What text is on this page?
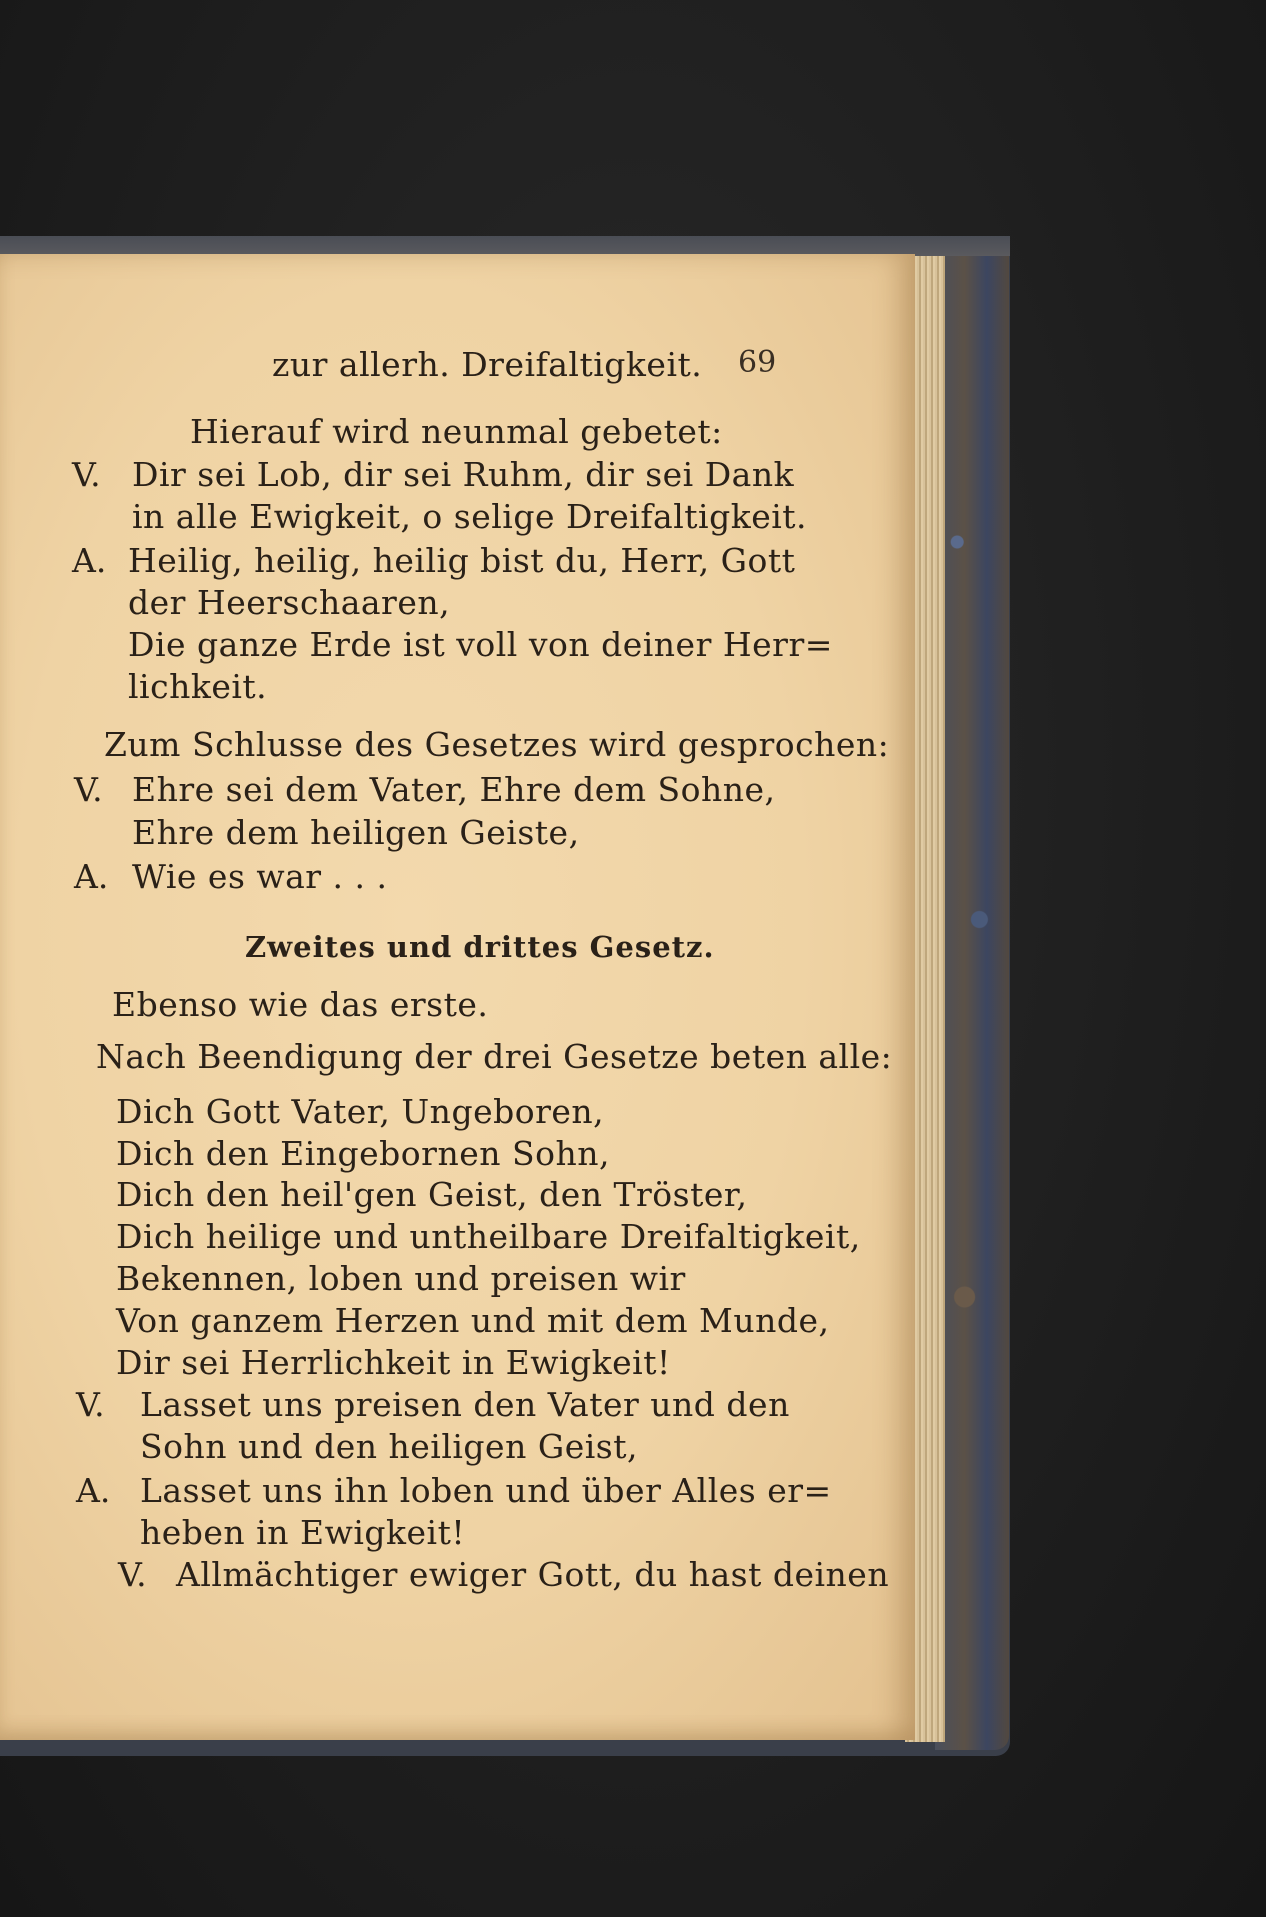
zur allerh. Dreifaltigkeit. 69
Hierauf wird neunmal gebetet:
V. Dir sei Lob, dir sei Ruhm, dir sei Dank
in alle Ewigkeit, o selige Dreifaltigkeit.
A. Heilig, heilig, heilig bist du, Herr, Gott
der Heerschaaren,
Die ganze Erde ist voll von deiner Herr=
lichkeit.
Zum Schlusse des Gesetzes wird gesprochen:
V. Ehre sei dem Vater, Ehre dem Sohne,
Ehre dem heiligen Geiste,
A. Wie es war . . .
Zweites und drittes Gesetz.
Ebenso wie das erste.
Nach Beendigung der drei Gesetze beten alle:
Dich Gott Vater, Ungeboren,
Dich den Eingebornen Sohn,
Dich den heil'gen Geist, den Tröster,
Dich heilige und untheilbare Dreifaltigkeit,
Bekennen, loben und preisen wir
Von ganzem Herzen und mit dem Munde,
Dir sei Herrlichkeit in Ewigkeit!
V. Lasset uns preisen den Vater und den
Sohn und den heiligen Geist,
A. Lasset uns ihn loben und über Alles er=
heben in Ewigkeit!
V. Allmächtiger ewiger Gott, du hast deinen
